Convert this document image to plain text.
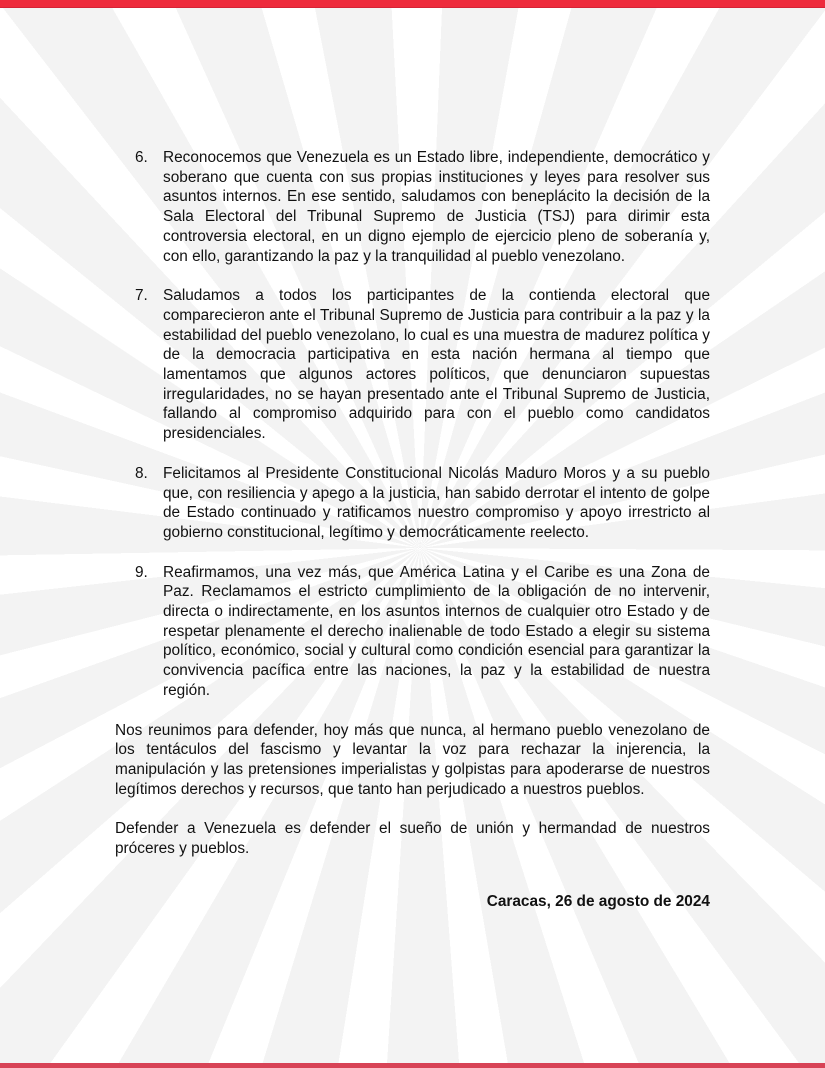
6. Reconocemos que Venezuela es un Estado libre, independiente, democrático y soberano que cuenta con sus propias instituciones y leyes para resolver sus asuntos internos. En ese sentido, saludamos con beneplácito la decisión de la Sala Electoral del Tribunal Supremo de Justicia (TSJ) para dirimir esta controversia electoral, en un digno ejemplo de ejercicio pleno de soberanía y, con ello, garantizando la paz y la tranquilidad al pueblo venezolano.
7. Saludamos a todos los participantes de la contienda electoral que comparecieron ante el Tribunal Supremo de Justicia para contribuir a la paz y la estabilidad del pueblo venezolano, lo cual es una muestra de madurez política y de la democracia participativa en esta nación hermana al tiempo que lamentamos que algunos actores políticos, que denunciaron supuestas irregularidades, no se hayan presentado ante el Tribunal Supremo de Justicia, fallando al compromiso adquirido para con el pueblo como candidatos presidenciales.
8. Felicitamos al Presidente Constitucional Nicolás Maduro Moros y a su pueblo que, con resiliencia y apego a la justicia, han sabido derrotar el intento de golpe de Estado continuado y ratificamos nuestro compromiso y apoyo irrestricto al gobierno constitucional, legítimo y democráticamente reelecto.
9. Reafirmamos, una vez más, que América Latina y el Caribe es una Zona de Paz. Reclamamos el estricto cumplimiento de la obligación de no intervenir, directa o indirectamente, en los asuntos internos de cualquier otro Estado y de respetar plenamente el derecho inalienable de todo Estado a elegir su sistema político, económico, social y cultural como condición esencial para garantizar la convivencia pacífica entre las naciones, la paz y la estabilidad de nuestra región.

Nos reunimos para defender, hoy más que nunca, al hermano pueblo venezolano de los tentáculos del fascismo y levantar la voz para rechazar la injerencia, la manipulación y las pretensiones imperialistas y golpistas para apoderarse de nuestros legítimos derechos y recursos, que tanto han perjudicado a nuestros pueblos.

Defender a Venezuela es defender el sueño de unión y hermandad de nuestros próceres y pueblos.

Caracas, 26 de agosto de 2024
